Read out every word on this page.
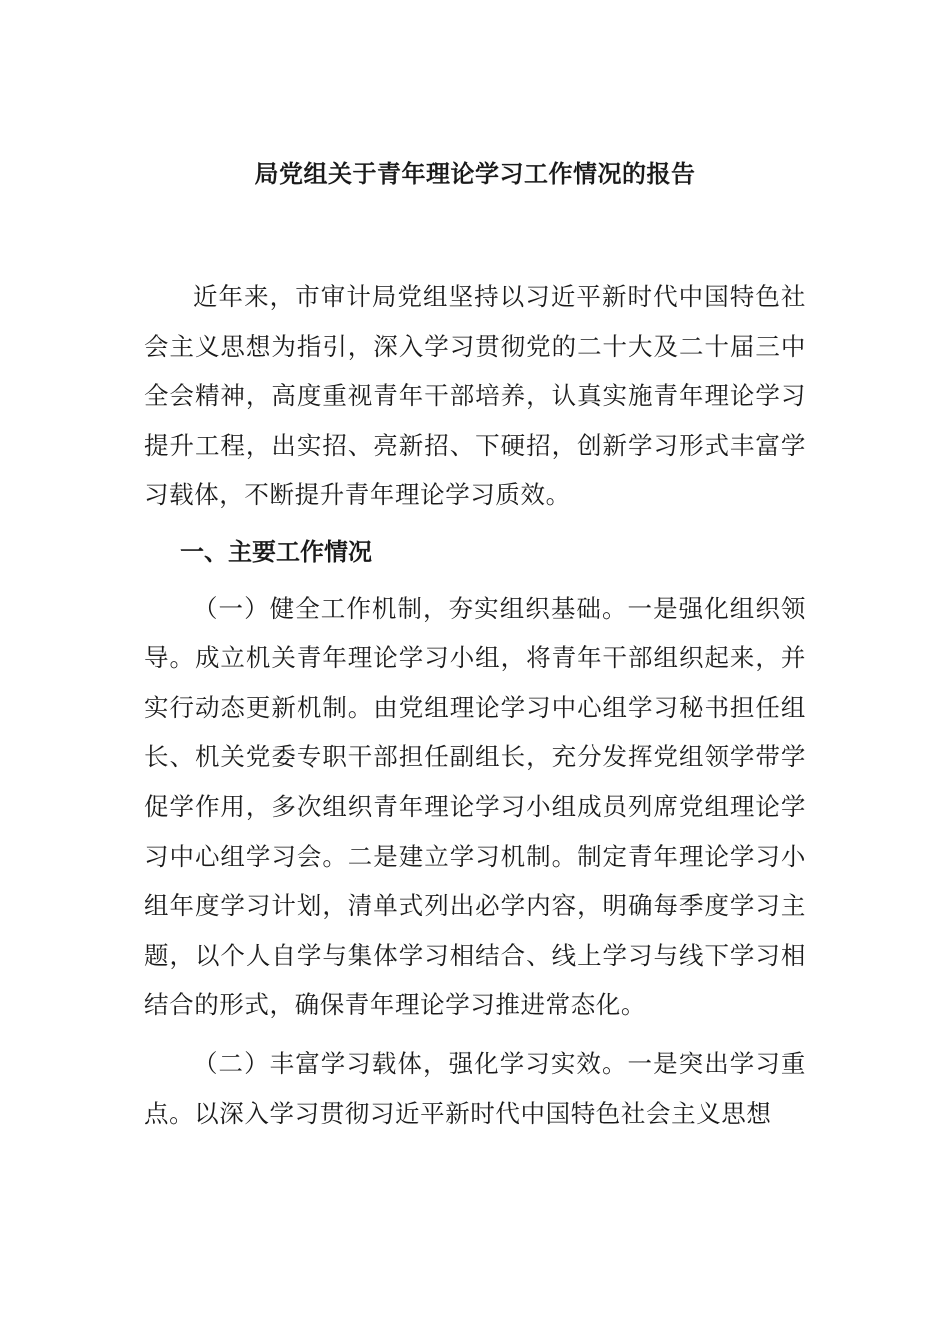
局党组关于青年理论学习工作情况的报告

近年来，市审计局党组坚持以习近平新时代中国特色社会主义思想为指引，深入学习贯彻党的二十大及二十届三中全会精神，高度重视青年干部培养，认真实施青年理论学习提升工程，出实招、亮新招、下硬招，创新学习形式丰富学习载体，不断提升青年理论学习质效。

一、主要工作情况

（一）健全工作机制，夯实组织基础。一是强化组织领导。成立机关青年理论学习小组，将青年干部组织起来，并实行动态更新机制。由党组理论学习中心组学习秘书担任组长、机关党委专职干部担任副组长，充分发挥党组领学带学促学作用，多次组织青年理论学习小组成员列席党组理论学习中心组学习会。二是建立学习机制。制定青年理论学习小组年度学习计划，清单式列出必学内容，明确每季度学习主题，以个人自学与集体学习相结合、线上学习与线下学习相结合的形式，确保青年理论学习推进常态化。

（二）丰富学习载体，强化学习实效。一是突出学习重点。以深入学习贯彻习近平新时代中国特色社会主义思想
